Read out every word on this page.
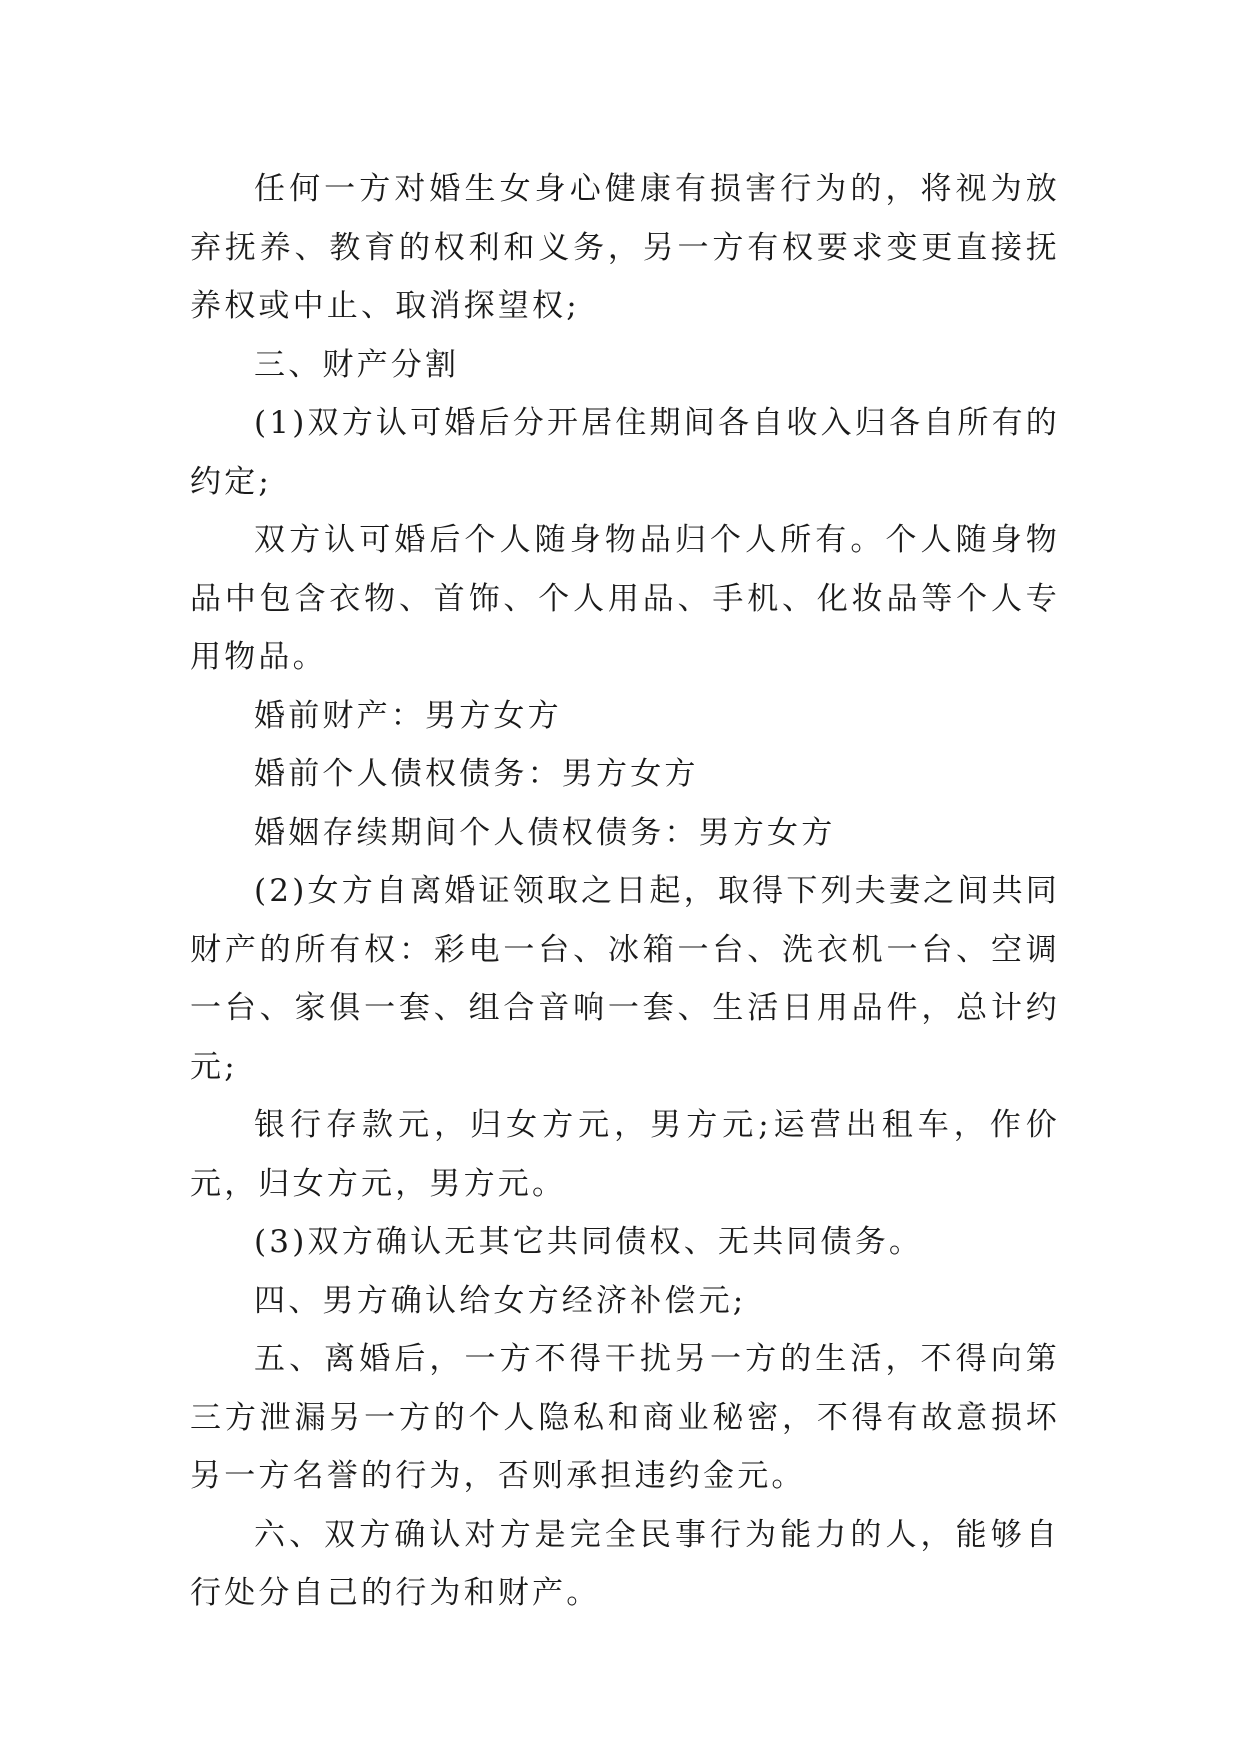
任何一方对婚生女身心健康有损害行为的，将视为放弃抚养、教育的权利和义务，另一方有权要求变更直接抚养权或中止、取消探望权;

三、财产分割

(1)双方认可婚后分开居住期间各自收入归各自所有的约定;

双方认可婚后个人随身物品归个人所有。个人随身物品中包含衣物、首饰、个人用品、手机、化妆品等个人专用物品。

婚前财产：男方女方

婚前个人债权债务：男方女方

婚姻存续期间个人债权债务：男方女方

(2)女方自离婚证领取之日起，取得下列夫妻之间共同财产的所有权：彩电一台、冰箱一台、洗衣机一台、空调一台、家俱一套、组合音响一套、生活日用品件，总计约元;

银行存款元，归女方元，男方元;运营出租车，作价元，归女方元，男方元。

(3)双方确认无其它共同债权、无共同债务。

四、男方确认给女方经济补偿元;

五、离婚后，一方不得干扰另一方的生活，不得向第三方泄漏另一方的个人隐私和商业秘密，不得有故意损坏另一方名誉的行为，否则承担违约金元。

六、双方确认对方是完全民事行为能力的人，能够自行处分自己的行为和财产。
